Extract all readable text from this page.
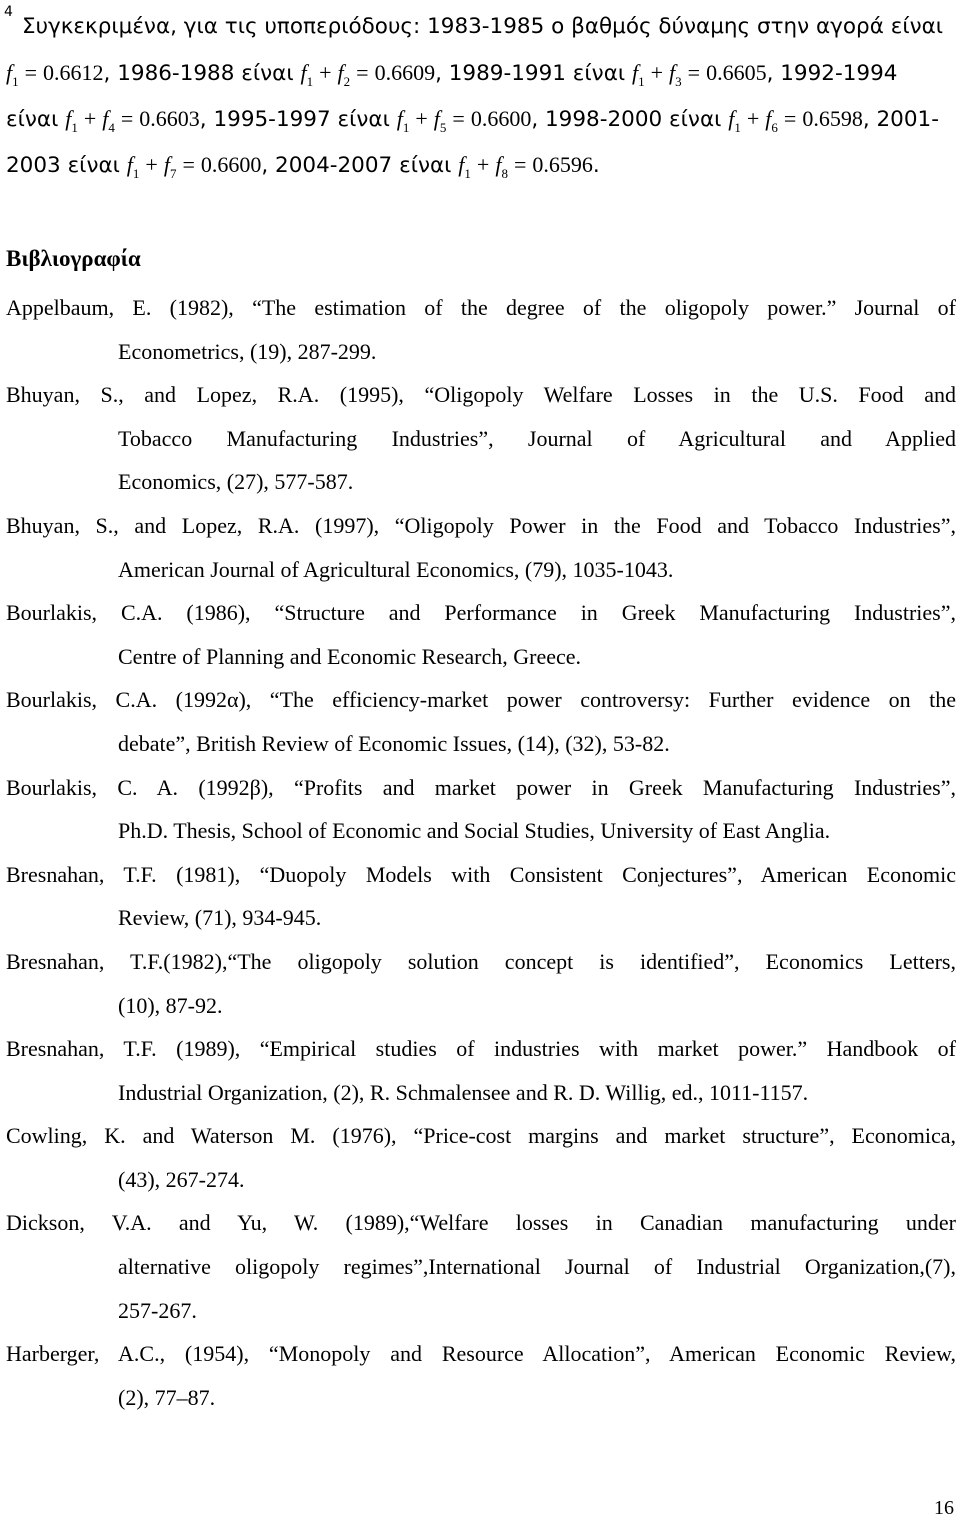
4
Συγκεκριμένα, για τις υποπεριόδους: 1983-1985 ο βαθμός δύναμης στην αγορά είναι
$f_1 = 0.6612$, 1986-1988 είναι $f_1 + f_2 = 0.6609$, 1989-1991 είναι $f_1 + f_3 = 0.6605$, 1992-1994
είναι $f_1 + f_4 = 0.6603$, 1995-1997 είναι $f_1 + f_5 = 0.6600$, 1998-2000 είναι $f_1 + f_6 = 0.6598$, 2001-
2003 είναι $f_1 + f_7 = 0.6600$, 2004-2007 είναι $f_1 + f_8 = 0.6596$.
Βιβλιογραφία
Appelbaum, E. (1982), “The estimation of the degree of the oligopoly power.” Journal of
Econometrics, (19), 287-299.
Bhuyan, S., and Lopez, R.A. (1995), “Oligopoly Welfare Losses in the U.S. Food and
Tobacco Manufacturing Industries”, Journal of Agricultural and Applied
Economics, (27), 577-587.
Bhuyan, S., and Lopez, R.A. (1997), “Oligopoly Power in the Food and Tobacco Industries”,
American Journal of Agricultural Economics, (79), 1035-1043.
Bourlakis, C.A. (1986), “Structure and Performance in Greek Manufacturing Industries”,
Centre of Planning and Economic Research, Greece.
Bourlakis, C.A. (1992α), “The efficiency-market power controversy: Further evidence on the
debate”, British Review of Economic Issues, (14), (32), 53-82.
Bourlakis, C. A. (1992β), “Profits and market power in Greek Manufacturing Industries”,
Ph.D. Thesis, School of Economic and Social Studies, University of East Anglia.
Bresnahan, T.F. (1981), “Duopoly Models with Consistent Conjectures”, American Economic
Review, (71), 934-945.
Bresnahan, T.F.(1982),“The oligopoly solution concept is identified”, Economics Letters,
(10), 87-92.
Bresnahan, T.F. (1989), “Empirical studies of industries with market power.” Handbook of
Industrial Organization, (2), R. Schmalensee and R. D. Willig, ed., 1011-1157.
Cowling, K. and Waterson M. (1976), “Price-cost margins and market structure”, Economica,
(43), 267-274.
Dickson, V.A. and Yu, W. (1989),“Welfare losses in Canadian manufacturing under
alternative oligopoly regimes”,International Journal of Industrial Organization,(7),
257-267.
Harberger, A.C., (1954), “Monopoly and Resource Allocation”, American Economic Review,
(2), 77–87.
16
